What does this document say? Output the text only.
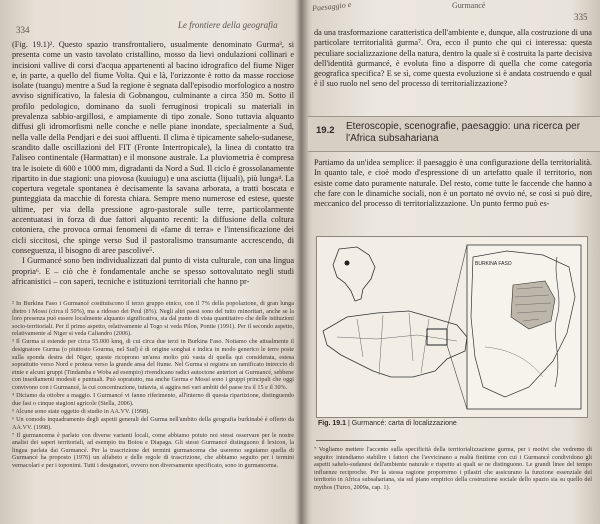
334	Le frontiere della geografia

(Fig. 19.1)². Questo spazio transfrontaliero, usualmente denominato Gurma³, si presenta come un vasto tavolato cristallino, mosso da lievi ondulazioni collinari e incisioni vallive di corsi d'acqua appartenenti al bacino idrografico del fiume Niger e, in parte, a quello del fiume Volta. Qui e là, l'orizzonte è rotto da masse rocciose isolate (tuangu) mentre a Sud la regione è segnata dall'episodio morfologico a nostro avviso significativo, la falesia di Gobnangou, culminante a circa 350 m. Sotto il profilo pedologico, dominano da suoli ferruginosi tropicali su materiali in prevalenza sabbio-argillosi, e ampiamente di tipo zonale. Sono tuttavia alquanto diffusi gli idromorfismi nelle conche e nelle piane inondate, specialmente a Sud, nella valle della Pendjari e dei suoi affluenti. Il clima è tipicamente sahelo-sudanese, scandito dalle oscillazioni del FIT (Fronte Intertropicale), la linea di contatto tra l'aliseo continentale (Harmattan) e il monsone australe. La pluviometria è compresa tra le isoiete di 600 e 1000 mm, digradanti da Nord a Sud. Il ciclo è grossolanamente ripartito in due stagioni: una piovosa (kuuiugu) e una asciutta (lijuali), più lunga⁴. La copertura vegetale spontanea è decisamente la savana arborata, a tratti boscata e punteggiata da macchie di foresta chiara. Sempre meno numerose ed estese, queste ultime, per via della pressione agro-pastorale sulle terre, particolarmente accentuatasi in forza di due fattori alquanto recenti: la diffusione della coltura cotoniera, che provoca ormai fenomeni di «fame di terra» e l'intensificazione dei cicli siccitosi, che spinge verso Sud il pastoralismo transumante accrescendo, di conseguenza, il bisogno di aree pascolive⁵.

I Gurmancé sono ben individualizzati dal punto di vista culturale, con una lingua propria⁶. E – ciò che è fondamentale anche se spesso sottovalutato negli studi africanistici – con saperi, tecniche e istituzioni territoriali che hanno pr-

² In Burkina Faso i Gurmancé costituiscono il terzo gruppo etnico, con il 7% della popolazione, di gran lunga dietro i Mossi (circa il 50%), ma a ridosso dei Peul (8%). Negli altri paesi sono del tutto minoritari, anche se la loro presenza può essere localmente alquanto significativa, sia dal punto di vista quantitativo che delle istituzioni socio-territoriali. Per il primo aspetto, relativamente al Togo si veda Pilon, Pontie (1991). Per il secondo aspetto, relativamente al Niger si veda Caliandro (2006).

³ Il Gurma si estende per circa 55.000 kmq, di cui circa due terzi in Burkina Faso. Notiamo che attualmente il designatore Gurma (o piuttosto Gourma, nel Sud) è di origine songhai e indica in modo generico le terre poste sulla sponda destra del Niger; queste ricoprono un'area molto più vasta di quella qui considerata, estesa soprattutto verso Nord e protesa verso la grande ansa del fiume. Nel Gurma si registra un ramificato intreccio di etnie e alcuni gruppi (Tindamba e Woba ad esempio) rivendicano radici autoctone anteriori ai Gurmancé, sebbene con insediamenti modesti e puntuali. Può sopratutto, ma anche Germa e Mossi sono i gruppi principali che oggi convivono con i Gurmancé, la cui concentrazione, tuttavia, si aggira nei vari ambiti del paese tra il 15 e il 30%.

⁴ Diciamo da ottobre a maggio. I Gurmancé vi fanno riferimento, all'interno di questa ripartizione, distinguendo due fasi o cinque stagioni agricole (Stella, 2006).

⁵ Alcune sono state oggetto di studio in AA.VV. (1998).

⁶ Un comodo inquadramento degli aspetti generali del Gurma nell'ambito della geografia burkinabé è offerto da AA.VV. (1998).

⁷ Il gurmancema è parlato con diverse varianti locali, come abbiamo potuto noi stessi osservare per le nostre analisi dei saperi territoriali, ad esempio tra Botou e Diapaga. Gli stessi Gurmancé distinguono il lexicon, la lingua parlata dai Gurmancé. Per la trascrizione dei termini gurmancema che useremo seguiamo quella di Gurmancé ha proposto (1976) un alfabeto e delle regole di trascrizione, che abbiamo seguito per i termini vernacolari e per i toponimi. Tutti i designatori, ovvero non diversamente specificato, sono in gurmancema.

Paesaggio e	Gurmancé
335

da una trasformazione caratteristica dell'ambiente e, dunque, alla costruzione di una particolare territorialità gurma⁷. Ora, ecco il punto che qui ci interessa: questa peculiare socializzazione della natura, dentro la quale si è costruita la parte decisiva dell'identità gurmancé, è evoluta fino a disporre di quella che come categoria geografica specifica? E se sì, come questa evoluzione si è andata costruendo e qual è il suo ruolo nel seno del processo di territorializzazione?

19.2 Eteroscopie, scenografie, paesaggio: una ricerca per l'Africa subsahariana

Partiamo da un'idea semplice: il paesaggio è una configurazione della territorialità. In quanto tale, e cioè modo d'espressione di un artefatto quale il territorio, non esiste come dato puramente naturale. Del resto, come tutte le faccende che hanno a che fare con le dinamiche sociali, non è un portato né ovvio né, se così si può dire, meccanico del processo di territorializzazione. Un punto fermo può es-

BURKINA FASO
Fig. 19.1 | Gurmancé: carta di localizzazione

⁷ Vogliamo mettere l'accento sulla specificità della territorializzazione gurma, per i motivi che vedremo di seguito: intendiamo stabilire i fattori che l'avvicinano a realtà finitime con cui i Gurmancé condividono gli aspetti sahelo-sudanesi dell'ambiente naturale e rispetto ai quali se ne distinguono. Le grandi linee del tempo influenze reciproche. Per la stessa ragione proporremo i pilastri che assicurano la funzione essenziale del territorio in Africa subsahariana, sia sul piano empirico della costruzione sociale dello spazio sia su quello del mythos (Turco, 2009a, cap. 1).
